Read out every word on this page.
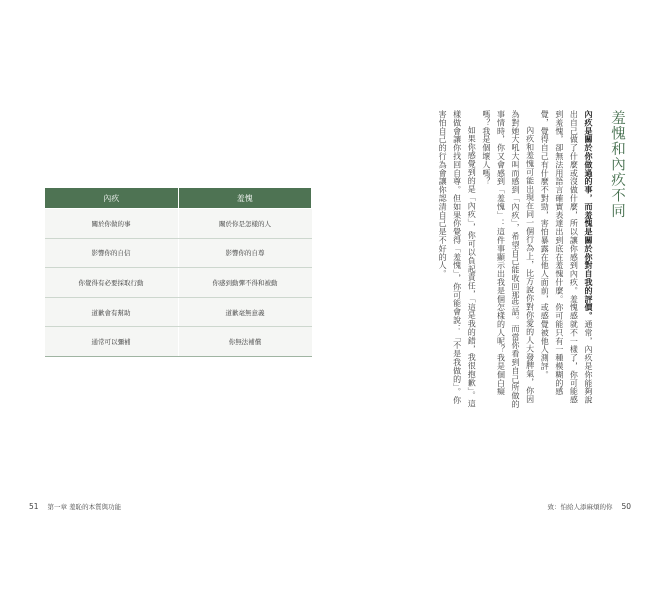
內疚	羞愧
關於你做的事	關於你是怎樣的人
影響你的自信	影響你的自尊
你覺得有必要採取行動	你感到動彈不得和被動
道歉會有幫助	道歉毫無意義
通常可以彌補	你無法補償
羞愧和內疚不同

內疚是關於你做過的事，而羞愧是關於你對自我的評價。通常，內疚是你能夠說出自己做了什麼或沒做什麼，所以讓你感到內疚。羞愧感就不一樣了，你可能感到羞愧，卻無法用語言確實表達出到底在羞愧什麼。你可能只有一種模糊的感覺，覺得自己有什麼不對勁，害怕暴露在他人面前，或感覺被他人測評。

內疚和羞愧可能出現在同一個行為上，比方說你對你愛的人大發脾氣，你因為對她大吼大叫而感到「內疚」，希望自己能收回那些話。而當你看到自己所做的事情時，你又會感到「羞愧」：這件事顯示出我是個怎樣的人呢？我是個白癡嗎？我是個壞人嗎？

如果你感覺到的是「內疚」，你可以負起責任，「這是我的錯，我很抱歉」。這樣做會讓你找回自尊。但如果你覺得「羞愧」，你可能會說：「不是我做的」。你害怕自己的行為會讓你認清自己是不好的人。

51 第一章 羞恥的本質與功能	致：怕給人添麻煩的你 50
